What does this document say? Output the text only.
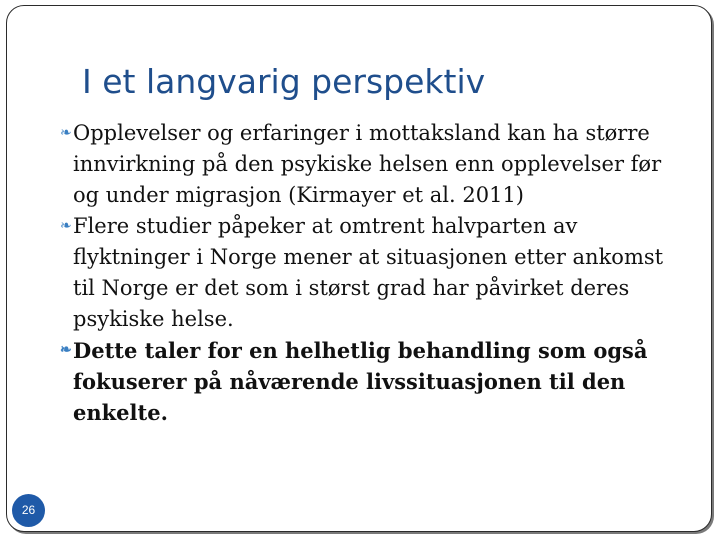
I et langvarig perspektiv
❧ Opplevelser og erfaringer i mottaksland kan ha større innvirkning på den psykiske helsen enn opplevelser før og under migrasjon (Kirmayer et al. 2011)
❧ Flere studier påpeker at omtrent halvparten av flyktninger i Norge mener at situasjonen etter ankomst til Norge er det som i størst grad har påvirket deres psykiske helse.
❧ Dette taler for en helhetlig behandling som også fokuserer på nåværende livssituasjonen til den enkelte.
26
